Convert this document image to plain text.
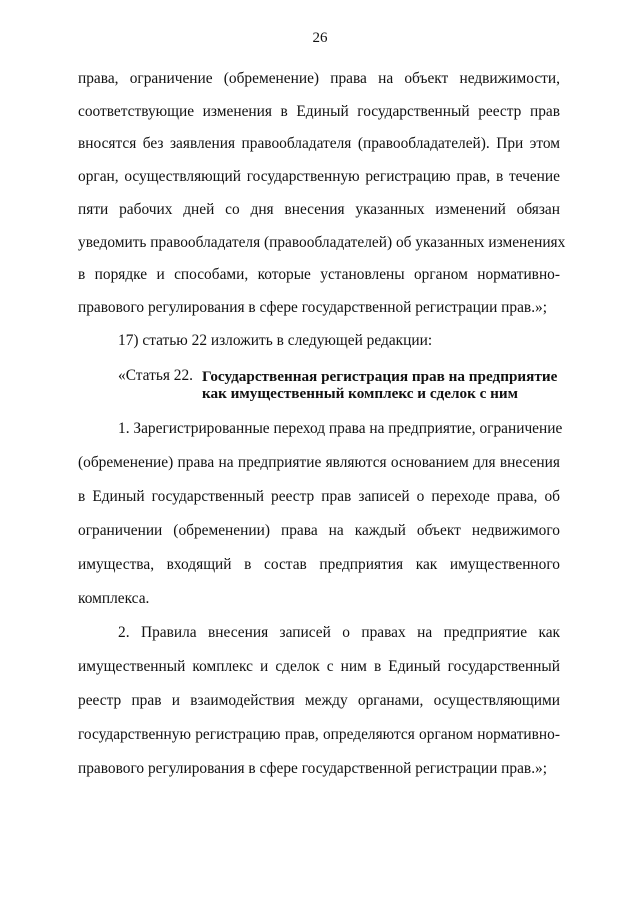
26
права, ограничение (обременение) права на объект недвижимости,
соответствующие изменения в Единый государственный реестр прав
вносятся без заявления правообладателя (правообладателей). При этом
орган, осуществляющий государственную регистрацию прав, в течение
пяти рабочих дней со дня внесения указанных изменений обязан
уведомить правообладателя (правообладателей) об указанных изменениях
в порядке и способами, которые установлены органом нормативно-
правового регулирования в сфере государственной регистрации прав.»;
17) статью 22 изложить в следующей редакции:
«Статья 22. Государственная регистрация прав на предприятие
как имущественный комплекс и сделок с ним
1. Зарегистрированные переход права на предприятие, ограничение
(обременение) права на предприятие являются основанием для внесения
в Единый государственный реестр прав записей о переходе права, об
ограничении (обременении) права на каждый объект недвижимого
имущества, входящий в состав предприятия как имущественного
комплекса.
2. Правила внесения записей о правах на предприятие как
имущественный комплекс и сделок с ним в Единый государственный
реестр прав и взаимодействия между органами, осуществляющими
государственную регистрацию прав, определяются органом нормативно-
правового регулирования в сфере государственной регистрации прав.»;
